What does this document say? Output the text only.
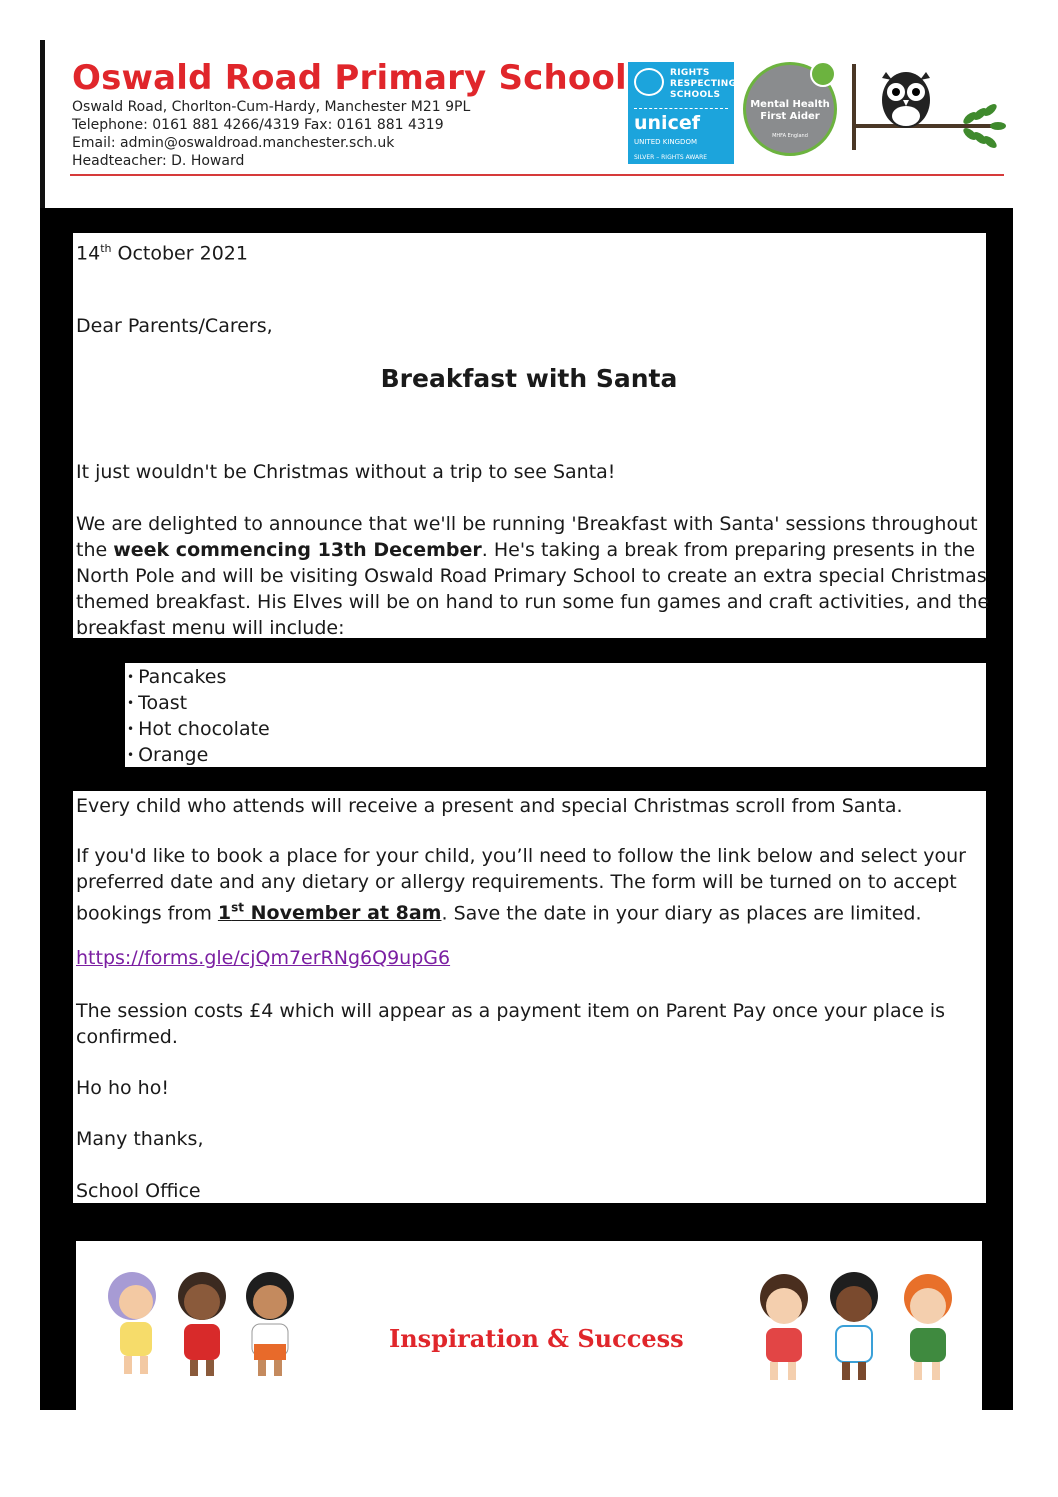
Oswald Road Primary School
Oswald Road, Chorlton-Cum-Hardy, Manchester M21 9PL
Telephone: 0161 881 4266/4319 Fax: 0161 881 4319
Email: admin@oswaldroad.manchester.sch.uk
Headteacher: D. Howard
RIGHTS
RESPECTING
SCHOOLS
unicef
UNITED KINGDOM
SILVER – RIGHTS AWARE
Mental Health
First Aider
MHFA England
14th October 2021
Dear Parents/Carers,
Breakfast with Santa
It just wouldn't be Christmas without a trip to see Santa!
We are delighted to announce that we'll be running 'Breakfast with Santa' sessions throughout
the week commencing 13th December. He's taking a break from preparing presents in the
North Pole and will be visiting Oswald Road Primary School to create an extra special Christmas
themed breakfast. His Elves will be on hand to run some fun games and craft activities, and the
breakfast menu will include:
• Pancakes
• Toast
• Hot chocolate
• Orange
Every child who attends will receive a present and special Christmas scroll from Santa.
If you'd like to book a place for your child, you’ll need to follow the link below and select your
preferred date and any dietary or allergy requirements. The form will be turned on to accept
bookings from 1st November at 8am. Save the date in your diary as places are limited.
https://forms.gle/cjQm7erRNg6Q9upG6
The session costs £4 which will appear as a payment item on Parent Pay once your place is
confirmed.
Ho ho ho!
Many thanks,
School Office
Inspiration & Success
